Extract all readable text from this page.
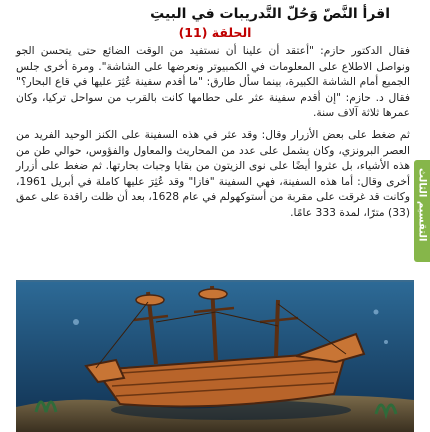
اقرأ النَّصّ وَحُلّ التَّدريبات في البيتِ
الحلقة (11)

فقال الدكتور حازم: "أعتقد أن علينا أن نستفيد من الوقت الضائع حتى يتحسن الجو ونواصل الاطلاع على المعلومات في الكمبيوتر ونعرضها على الشاشة". ومرة أخرى جلس الجميع أمام الشاشة الكبيرة، بينما سأل طارق: "ما أقدم سفينة عُثِرَ عليها في قاع البحار؟" فقال د. حازم: "إن أقدم سفينة عثر على حطامها كانت بالقرب من سواحل تركيا، وكان عمرها ثلاثة آلاف سنة.

ثم ضغط على بعض الأزرار وقال: وقد عثر في هذه السفينة على الكنز الوحيد الفريد من العصر البرونزي، وكان يشمل على عدد من المحاريث والمعاول والفؤوس، حوالي طن من هذه الأشياء، بل عثروا أيضًا على نوى الزيتون من بقايا وجبات بحارتها. ثم ضغط على أزرار أخرى وقال: أما هذه السفينة، فهي السفينة "فازا" وقد عُثِرَ عليها كاملة في أبريل 1961، وكانت قد غرقت على مقربة من أستوكهولم في عام 1628، بعد أن ظلت راقدة على عمق (33) مترًا، لمدة 333 عامًا. التقسيم الثالث
